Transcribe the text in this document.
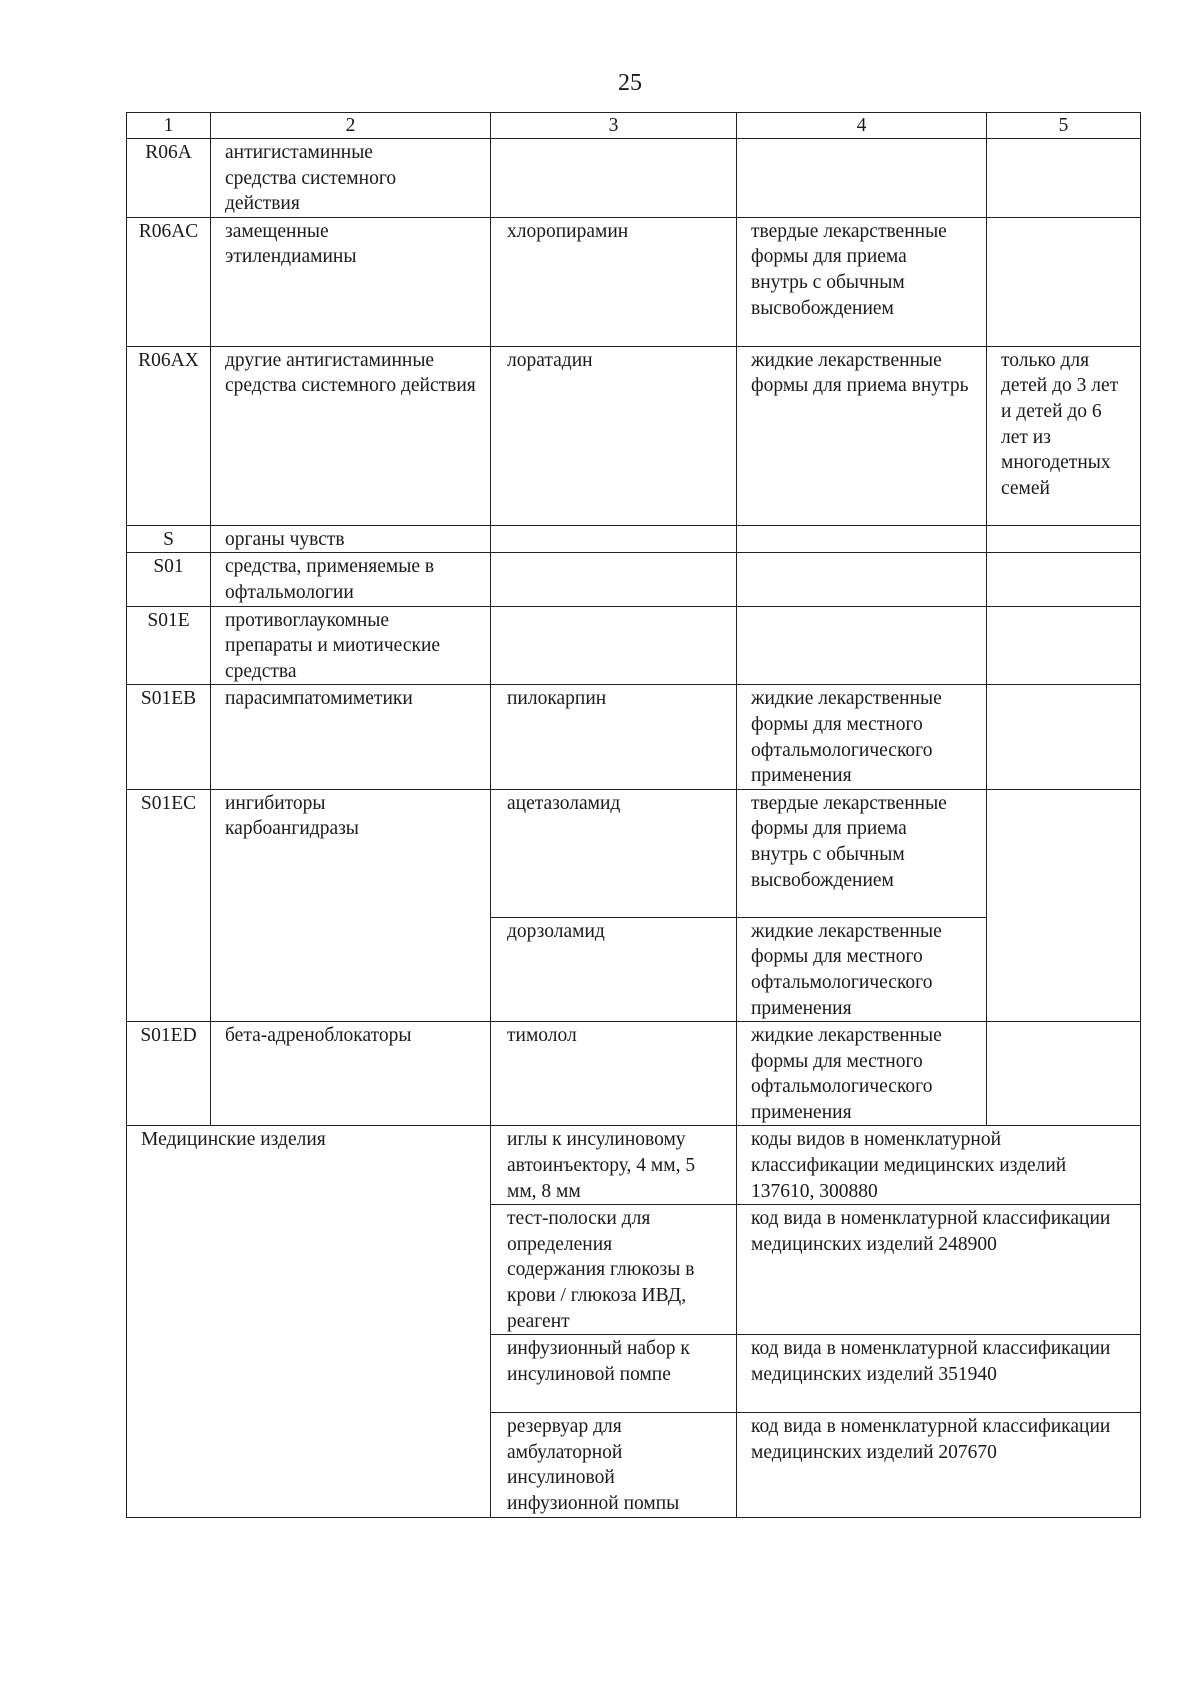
25
1	2	3	4	5
R06A	антигистаминные средства системного действия			

R06AC	замещенные этилендиамины	хлоропирамин	твердые лекарственные формы для приема внутрь с обычным высвобождением	

R06AX	другие антигистаминные средства системного действия	лоратадин	жидкие лекарственные формы для приема внутрь	только для детей до 3 лет и детей до 6 лет из многодетных семей

S	органы чувств			
S01	средства, применяемые в офтальмологии			
S01E	противоглаукомные препараты и миотические средства			

S01EB	парасимпатомиметики	пилокарпин	жидкие лекарственные формы для местного офтальмологического применения	

S01EC	ингибиторы карбоангидразы	ацетазоламид	твердые лекарственные формы для приема внутрь с обычным высвобождением	

		дорзоламид	жидкие лекарственные формы для местного офтальмологического применения	

S01ED	бета-адреноблокаторы	тимолол	жидкие лекарственные формы для местного офтальмологического применения	

Медицинские изделия		иглы к инсулиновому автоинъектору, 4 мм, 5 мм, 8 мм	коды видов в номенклатурной классификации медицинских изделий 137610, 300880	

		тест-полоски для определения содержания глюкозы в крови / глюкоза ИВД, реагент	код вида в номенклатурной классификации медицинских изделий 248900	

		инфузионный набор к инсулиновой помпе	код вида в номенклатурной классификации медицинских изделий 351940	

		резервуар для амбулаторной инсулиновой инфузионной помпы	код вида в номенклатурной классификации медицинских изделий 207670	
